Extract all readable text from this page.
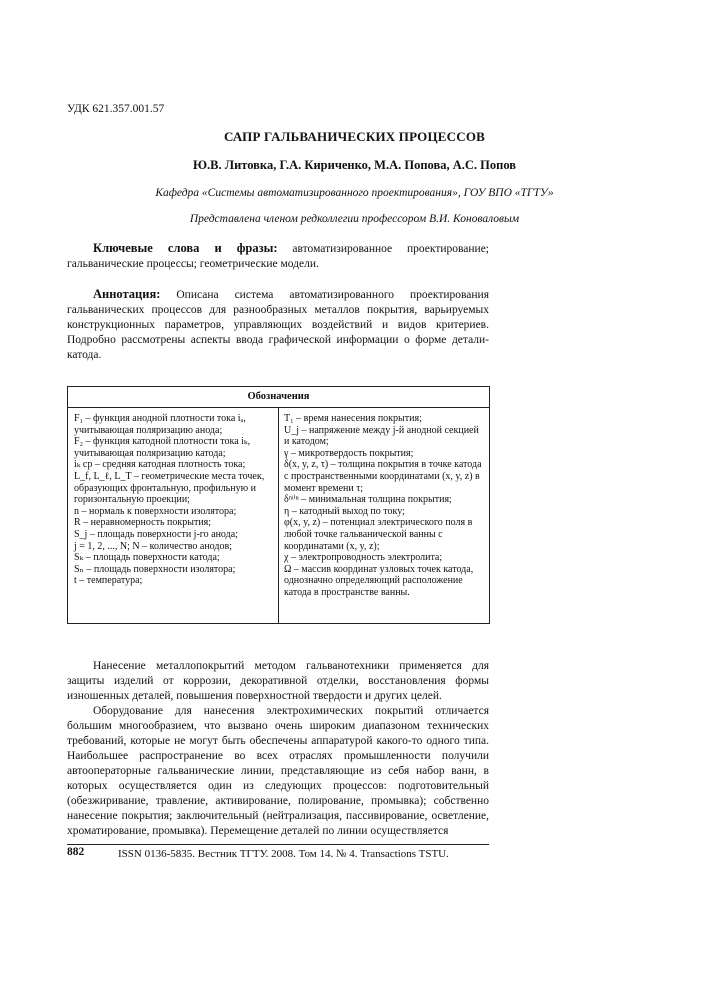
УДК 621.357.001.57
САПР ГАЛЬВАНИЧЕСКИХ ПРОЦЕССОВ
Ю.В. Литовка, Г.А. Кириченко, М.А. Попова, А.С. Попов
Кафедра «Системы автоматизированного проектирования», ГОУ ВПО «ТГТУ»
Представлена членом редколлегии профессором В.И. Коноваловым
Ключевые слова и фразы: автоматизированное проектирование; гальванические процессы; геометрические модели.
Аннотация: Описана система автоматизированного проектирования гальванических процессов для разнообразных металлов покрытия, варьируемых конструкционных параметров, управляющих воздействий и видов критериев. Подробно рассмотрены аспекты ввода графической информации о форме детали-катода.
Обозначения
F₁ – функция анодной плотности тока iₐ, учитывающая поляризацию анода;
F₂ – функция катодной плотности тока iₖ, учитывающая поляризацию катода;
iₖ ср – средняя катодная плотность тока;
L_f, L_ℓ, L_T – геометрические места точек, образующих фронтальную, профильную и горизонтальную проекции;
n – нормаль к поверхности изолятора;
R – неравномерность покрытия;
S_j – площадь поверхности j-го анода;
j = 1, 2, ..., N; N – количество анодов;
Sₖ – площадь поверхности катода;
Sₙ – площадь поверхности изолятора;
t – температура;
T₁ – время нанесения покрытия;
U_j – напряжение между j-й анодной секцией и катодом;
γ – микротвердость покрытия;
δ(x, y, z, τ) – толщина покрытия в точке катода с пространственными координатами (x, y, z) в момент времени τ;
δᵐⁱⁿ – минимальная толщина покрытия;
η – катодный выход по току;
φ(x, y, z) – потенциал электрического поля в любой точке гальванической ванны с координатами (x, y, z);
χ – электропроводность электролита;
Ω – массив координат узловых точек катода, однозначно определяющий расположение катода в пространстве ванны.
Нанесение металлопокрытий методом гальванотехники применяется для защиты изделий от коррозии, декоративной отделки, восстановления формы изношенных деталей, повышения поверхностной твердости и других целей.
Оборудование для нанесения электрохимических покрытий отличается большим многообразием, что вызвано очень широким диапазоном технических требований, которые не могут быть обеспечены аппаратурой какого-то одного типа. Наибольшее распространение во всех отраслях промышленности получили автооператорные гальванические линии, представляющие из себя набор ванн, в которых осуществляется один из следующих процессов: подготовительный (обезжиривание, травление, активирование, полирование, промывка); собственно нанесение покрытия; заключительный (нейтрализация, пассивирование, осветление, хроматирование, промывка). Перемещение деталей по линии осуществляется
882	ISSN 0136-5835. Вестник ТГТУ. 2008. Том 14. № 4. Transactions TSTU.
